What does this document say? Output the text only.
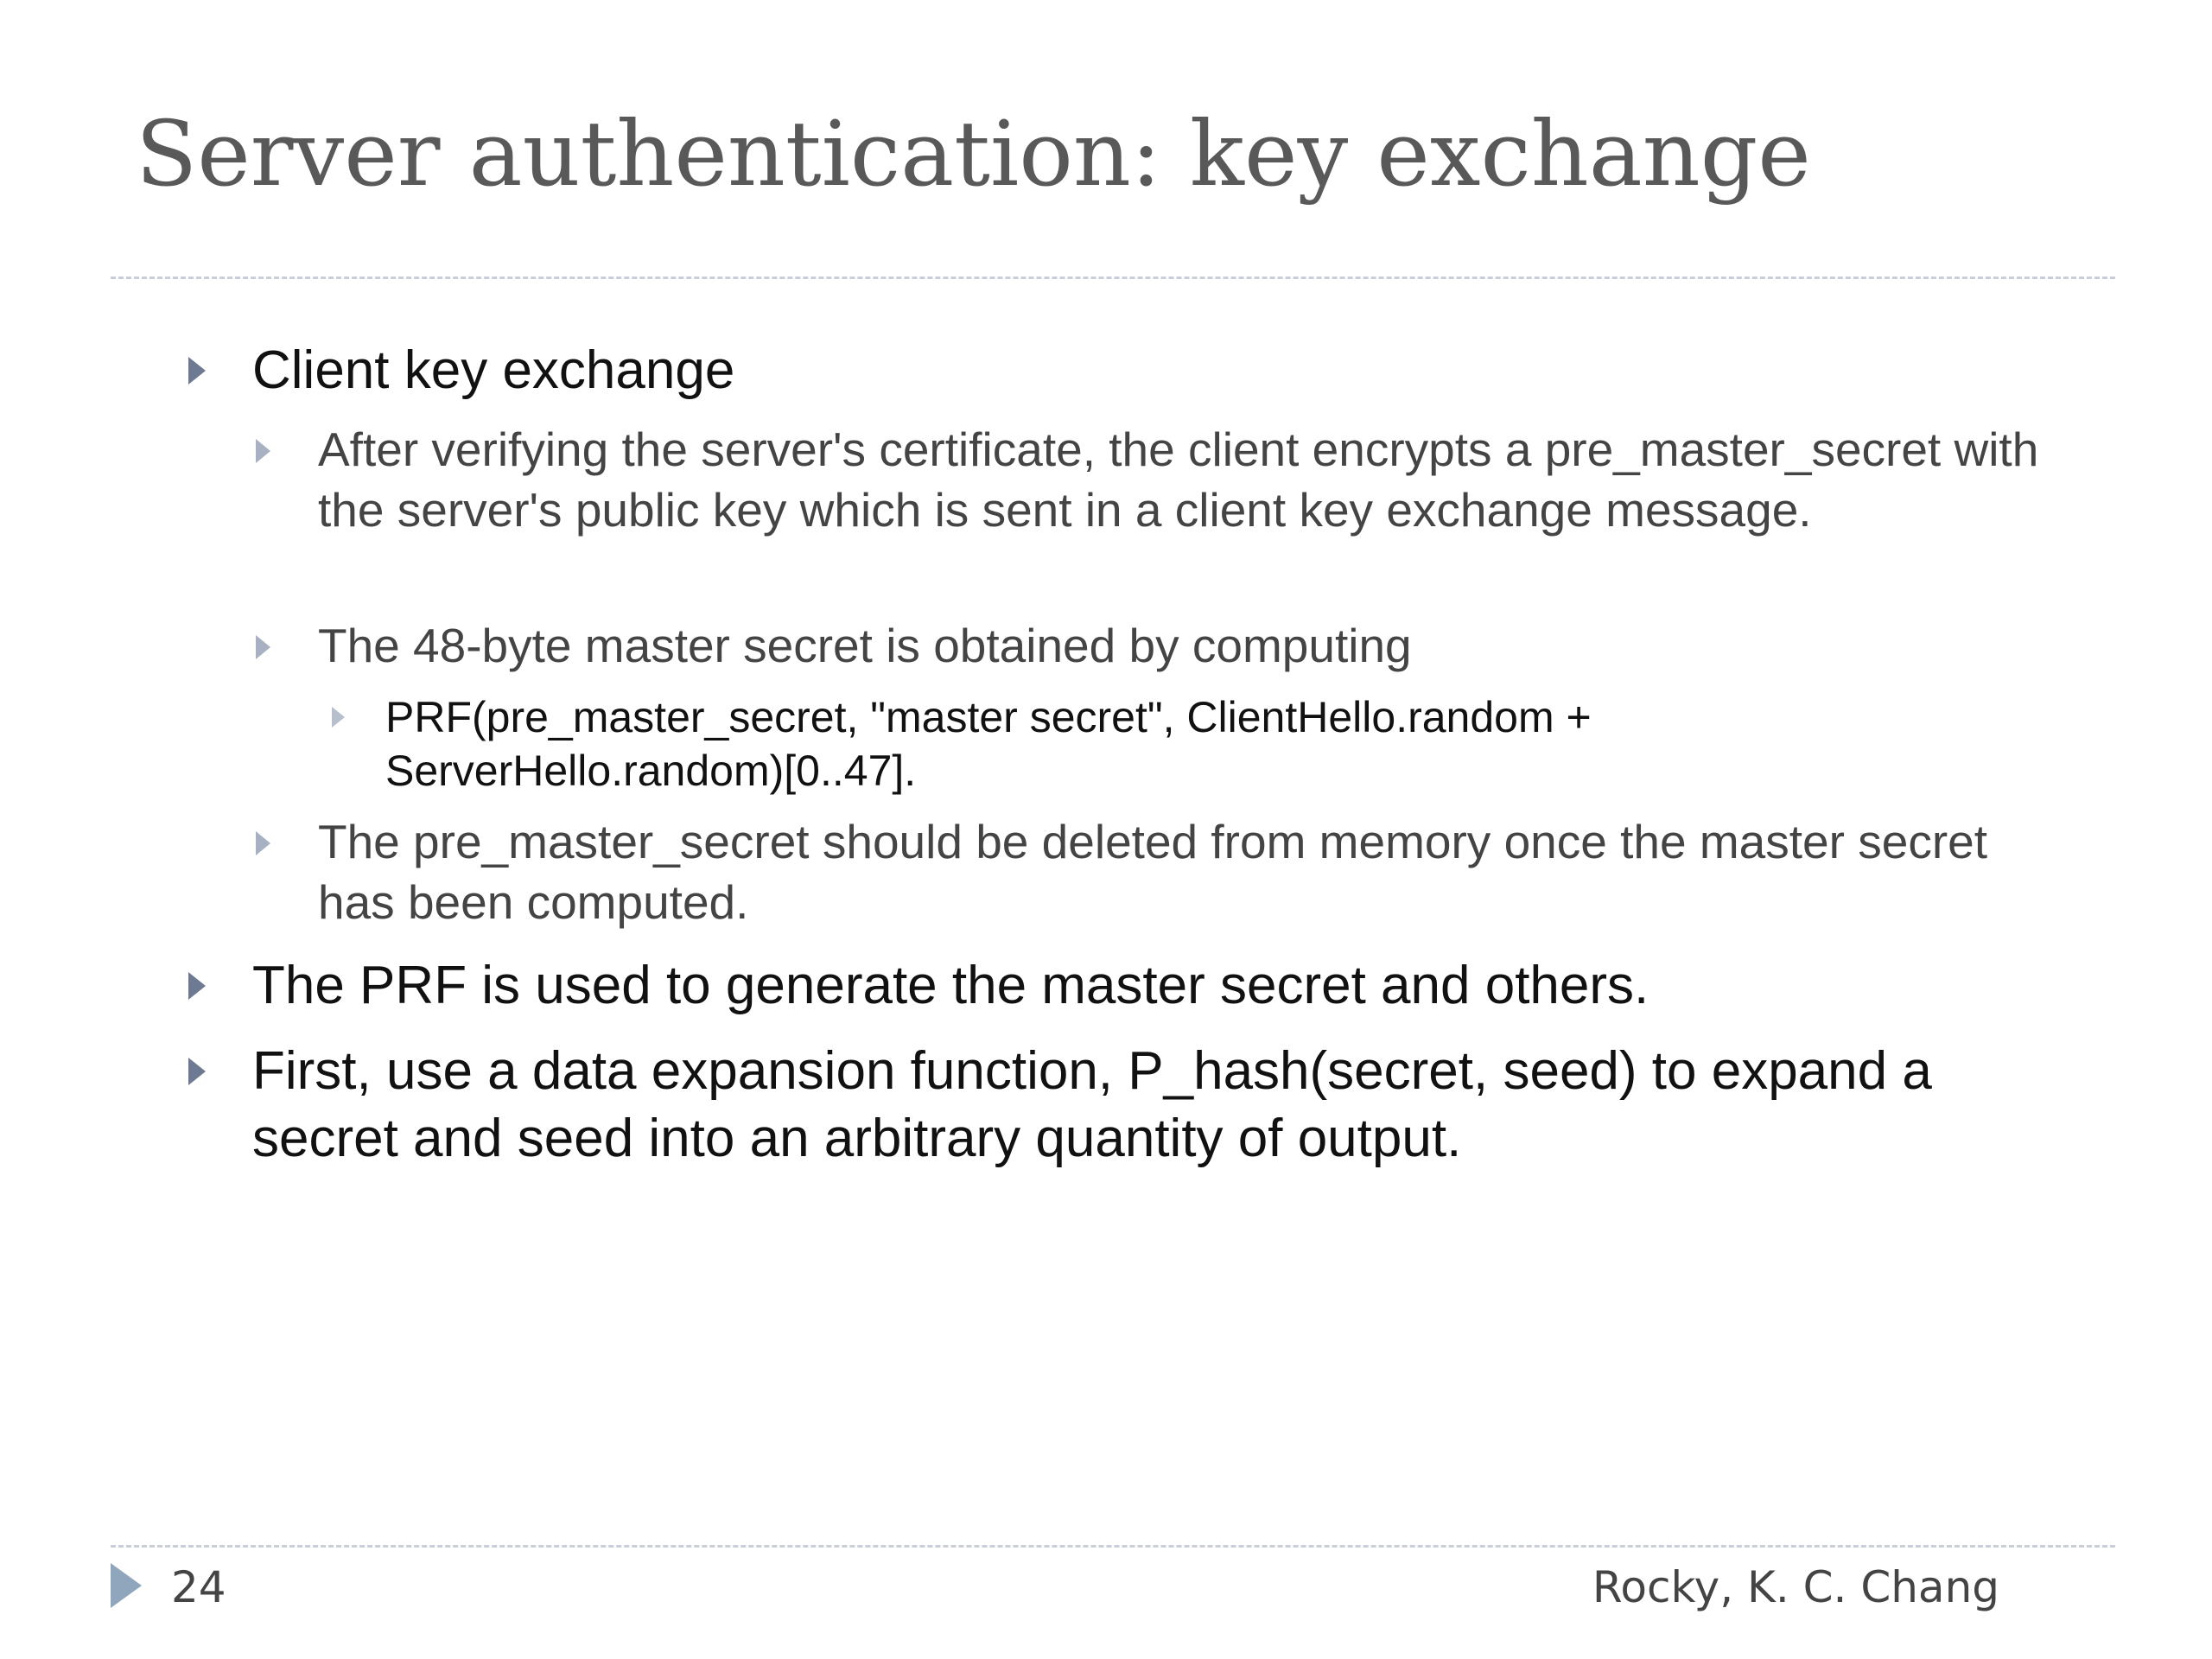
Server authentication: key exchange

Client key exchange

After verifying the server's certificate, the client encrypts a pre_master_secret with the server's public key which is sent in a client key exchange message.

The 48-byte master secret is obtained by computing

PRF(pre_master_secret, "master secret", ClientHello.random + ServerHello.random)[0..47].

The pre_master_secret should be deleted from memory once the master secret has been computed.

The PRF is used to generate the master secret and others.

First, use a data expansion function, P_hash(secret, seed) to expand a secret and seed into an arbitrary quantity of output.

24	Rocky, K. C. Chang
